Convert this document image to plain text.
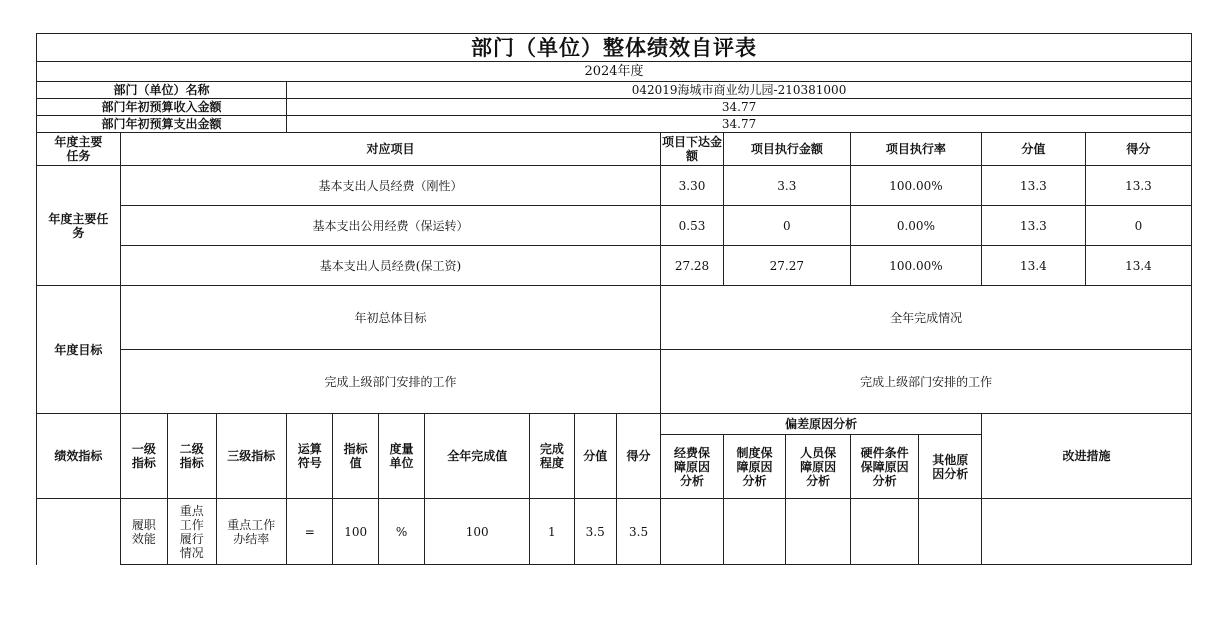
部门（单位）整体绩效自评表																	
2024年度																	
部门（单位）名称				042019海城市商业幼儿园-210381000													
部门年初预算收入金额				34.77													
部门年初预算支出金额				34.77													
年度主要任务	对应项目										项目下达金额	项目执行金额		项目执行率		分值	得分
年度主要任务	基本支出人员经费（刚性）										3.30	3.3		100.00%		13.3	13.3
	基本支出公用经费（保运转）										0.53	0		0.00%		13.3	0
	基本支出人员经费(保工资)										27.28	27.27		100.00%		13.4	13.4
年度目标	年初总体目标										全年完成情况						
	完成上级部门安排的工作										完成上级部门安排的工作						
绩效指标	一级指标	二级指标	三级指标	运算符号	指标值	度量单位	全年完成值	完成程度	分值	得分	偏差原因分析					改进措施	
											经费保障原因分析	制度保障原因分析	人员保障原因分析	硬件条件保障原因分析	其他原因分析		
	履职效能	重点工作履行情况	重点工作办结率	=	100	%	100	1	3.5	3.5							
